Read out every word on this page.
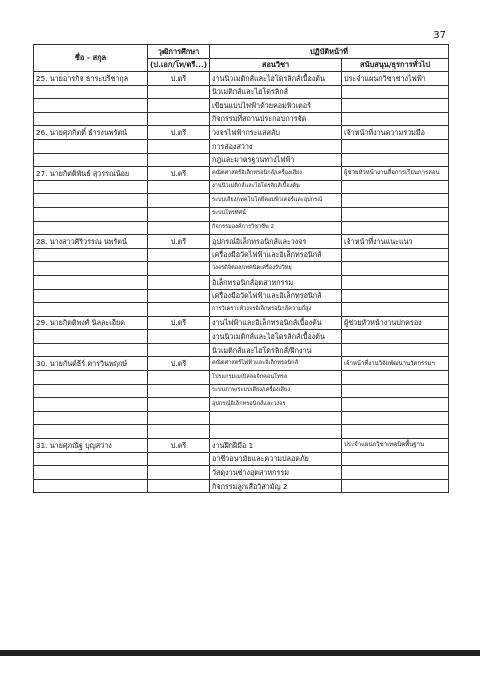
37
ชื่อ - สกุล	วุฒิการศึกษา	ปฏิบัติหน้าที่	
	(ป.เอก/โท/ตรี...)	สอนวิชา	สนับสนุน/ธุรการทั่วไป
25. นายอารกิจ ธาระปรีชากุล	ป.ตรี	งานนิวเมติกส์และไฮโดรลิกส์เบื้องต้น	ประจำแผนกวิชาช่างไฟฟ้า
		นิวเมติกส์และไฮโดรลิกส์	
		เขียนแบบไฟฟ้าด้วยคอมพิวเตอร์	
		กิจกรรมที่สถานประกอบการจัด	
26. นายศุภกิตติ์ ธำรงนพรัตน์	ป.ตรี	วงจรไฟฟ้ากระแสสลับ	เจ้าหน้าที่งานความร่วมมือ
		การส่องสว่าง	
		กฎและมาตรฐานทางไฟฟ้า	
27. นายกิตติพันธ์ สุวรรณน้อย	ป.ตรี	คณิตศาสตร์อิเล็กทรอนิกส์/เครื่องเสียง	ผู้ช่วยหัวหน้างานสื่อการเรียนการสอน
		งานนิวเมติกส์และไฮโดรลิกส์เบื้องต้น	
		ระบบเสียง/เทคโนโลยีคอมพิวเตอร์และอุปกรณ์	
		ระบบโทรทัศน์	
		กิจกรรมองค์การวิชาชีพ 2	
28. นางสาวศิริวรรณ นพรัตน์	ป.ตรี	อุปกรณ์อิเล็กทรอนิกส์และวงจร	เจ้าหน้าที่งานแนะแนว
		เครื่องมือวัดไฟฟ้าและอิเล็กทรอนิกส์	
		วงจรดิจิตอล/เทคนิคเครื่องรับวิทยุ	
		อิเล็กทรอนิกส์อุตสาหกรรม	
		เครื่องมือวัดไฟฟ้าและอิเล็กทรอนิกส์	
		การวิเคราะห์วงจรอิเล็กทรอนิกส์ความถี่สูง	
29. นายกิตติพงศ์ นิลละเอียด	ป.ตรี	งานไฟฟ้าและอิเล็กทรอนิกส์เบื้องต้น	ผู้ช่วยหัวหน้างานปกครอง
		งานนิวเมติกส์และไฮโดรลิกส์เบื้องต้น	
		นิวเมติกส์และไฮโดรลิกส์/ฝึกงาน	
30. นายกันต์ธีร์ คารวินพฤกษ์	ป.ตรี	คณิตศาสตร์ไฟฟ้าและอิเล็กทรอนิกส์	เจ้าหน้าที่งานวิจัยพัฒนานวัตกรรมฯ
		โปรแกรมเมเบิลลอจิกคอนโทรล	
		ระบบภาพ/ระบบเสียง/เครื่องเสียง	
		อุปกรณ์อิเล็กทรอนิกส์และวงจร	

31. นายศุภณัฐ บุญสว่าง	ป.ตรี	งานฝึกฝีมือ 1	ประจำแผนกวิชาเทคนิคพื้นฐาน
		อาชีวอนามัยและความปลอดภัย	
		วัสดุงานช่างอุตสาหกรรม	
		กิจกรรมลูกเสือวิสามัญ 2	
